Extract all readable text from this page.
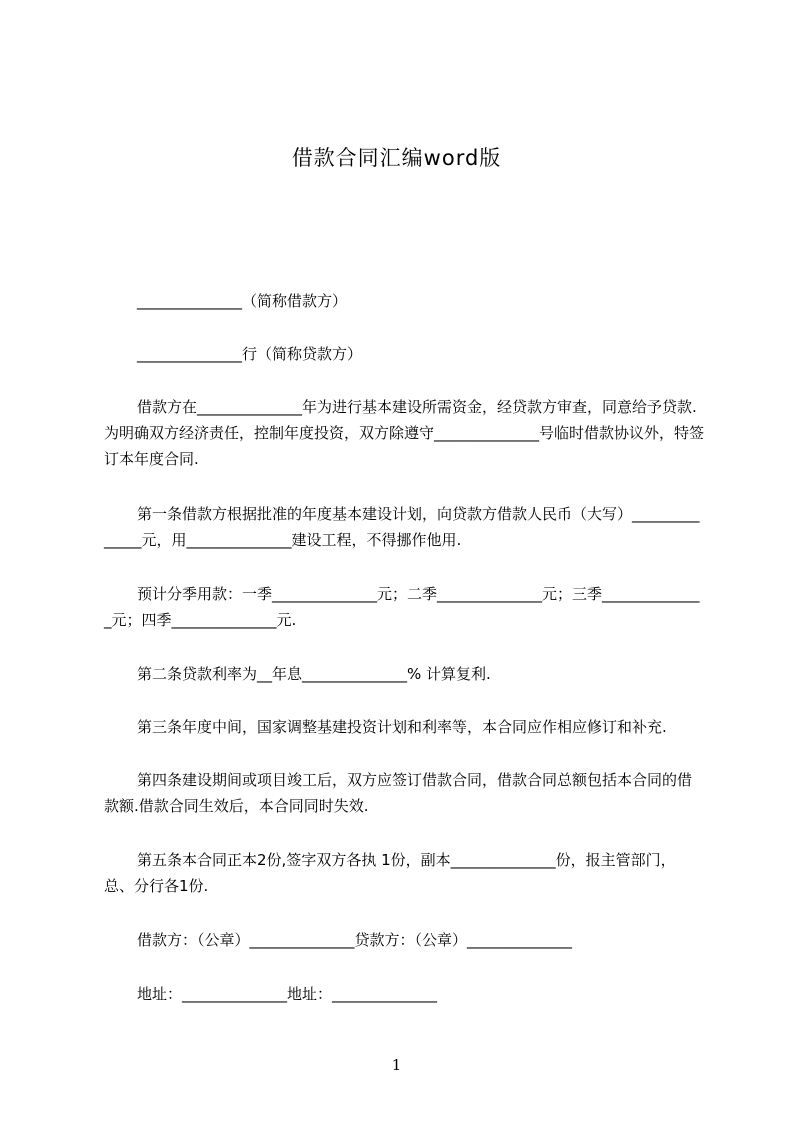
借款合同汇编word版

______________（简称借款方）

______________行（简称贷款方）

借款方在______________年为进行基本建设所需资金，经贷款方审查，同意给予贷款.为明确双方经济责任，控制年度投资，双方除遵守______________号临时借款协议外，特签订本年度合同.

第一条借款方根据批准的年度基本建设计划，向贷款方借款人民币（大写）______________元，用______________建设工程，不得挪作他用.

预计分季用款：一季______________元；二季______________元；三季______________元；四季______________元.

第二条贷款利率为__年息______________% 计算复利.

第三条年度中间，国家调整基建投资计划和利率等，本合同应作相应修订和补充.

第四条建设期间或项目竣工后，双方应签订借款合同，借款合同总额包括本合同的借款额.借款合同生效后，本合同同时失效.

第五条本合同正本2份,签字双方各执 1份，副本______________份，报主管部门，总、分行各1份.

借款方：（公章）______________贷款方：（公章）______________

地址：______________地址：______________

1
